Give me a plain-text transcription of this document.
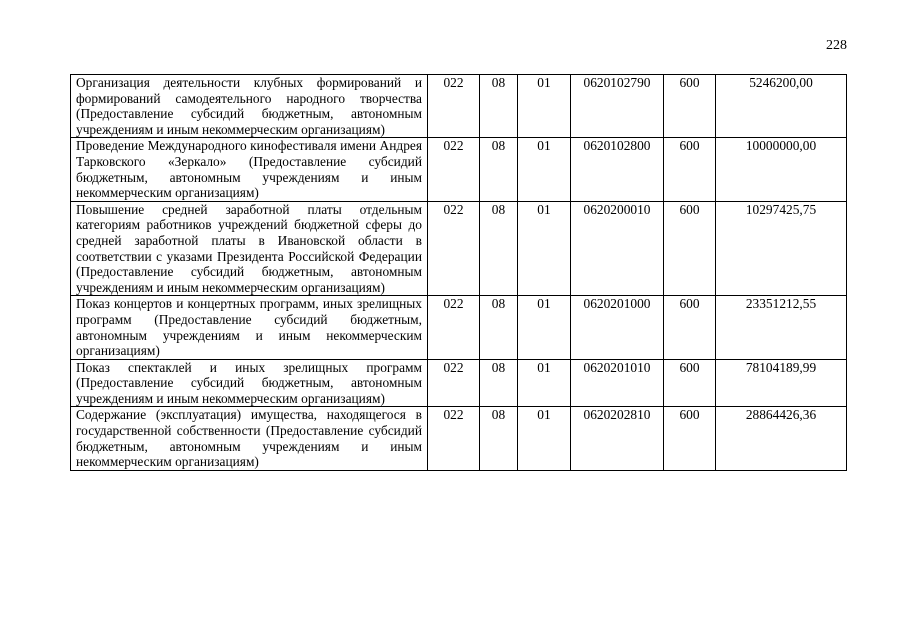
228
Организация деятельности клубных формирований и формирований самодеятельного народного творчества (Предоставление субсидий бюджетным, автономным учреждениям и иным некоммерческим организациям)	022	08	01	0620102790	600	5246200,00
Проведение Международного кинофестиваля имени Андрея Тарковского «Зеркало» (Предоставление субсидий бюджетным, автономным учреждениям и иным некоммерческим организациям)	022	08	01	0620102800	600	10000000,00
Повышение средней заработной платы отдельным категориям работников учреждений бюджетной сферы до средней заработной платы в Ивановской области в соответствии с указами Президента Российской Федерации (Предоставление субсидий бюджетным, автономным учреждениям и иным некоммерческим организациям)	022	08	01	0620200010	600	10297425,75
Показ концертов и концертных программ, иных зрелищных программ (Предоставление субсидий бюджетным, автономным учреждениям и иным некоммерческим организациям)	022	08	01	0620201000	600	23351212,55
Показ спектаклей и иных зрелищных программ (Предоставление субсидий бюджетным, автономным учреждениям и иным некоммерческим организациям)	022	08	01	0620201010	600	78104189,99
Содержание (эксплуатация) имущества, находящегося в государственной собственности (Предоставление субсидий бюджетным, автономным учреждениям и иным некоммерческим организациям)	022	08	01	0620202810	600	28864426,36
